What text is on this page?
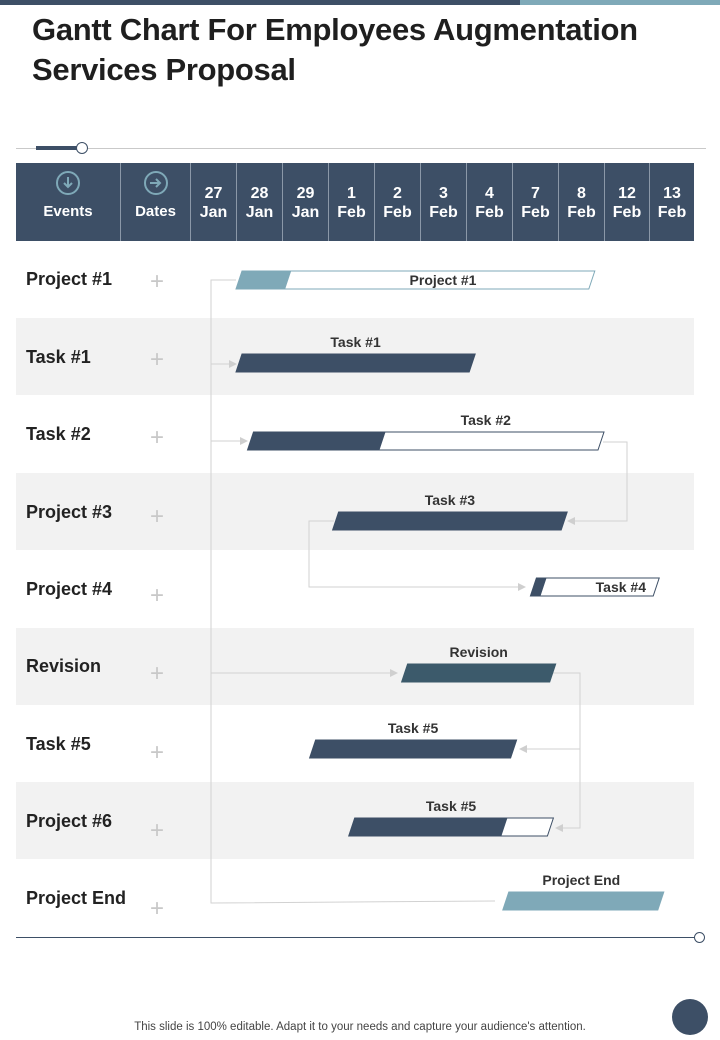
Gantt Chart For Employees Augmentation Services Proposal
Events	Dates
27
Jan
28
Jan
29
Jan
1
Feb
2
Feb
3
Feb
4
Feb
7
Feb
8
Feb
12
Feb
13
Feb
Project #1
Task #1
Task #2
Project #3
Project #4
Revision
Task #5
Project #6
Project End
+
+
+
+
+
+
+
+
+
Project #1
Task #1
Task #2
Task #3
Task #4
Revision
Task #5
Task #5
Project End
This slide is 100% editable. Adapt it to your needs and capture your audience's attention.
